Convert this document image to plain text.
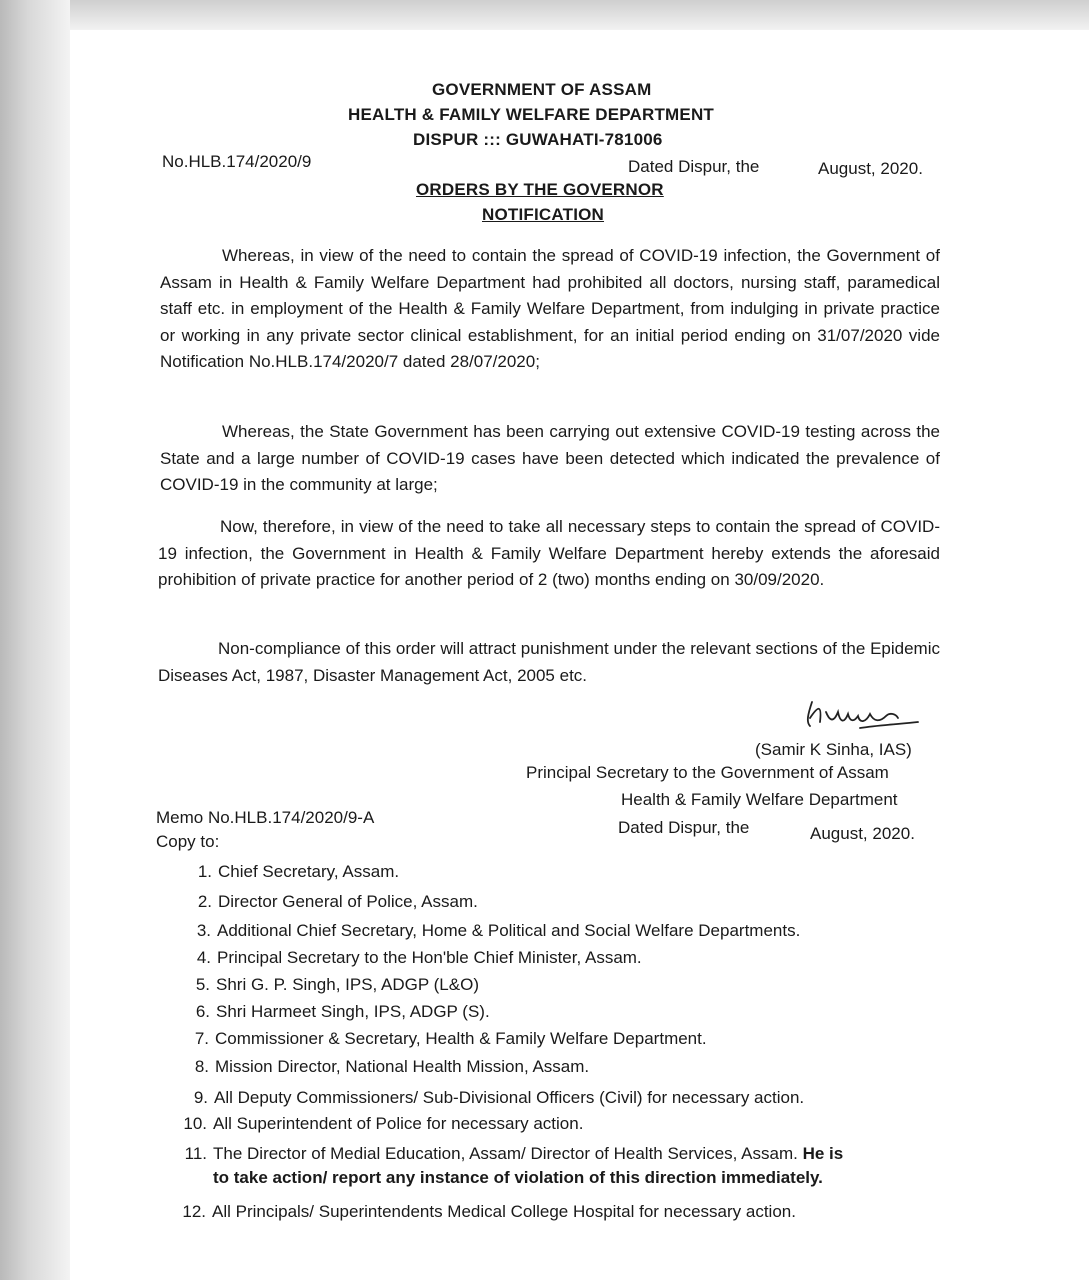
GOVERNMENT OF ASSAM
HEALTH & FAMILY WELFARE DEPARTMENT
DISPUR ::: GUWAHATI-781006
No.HLB.174/2020/9	Dated Dispur, the	August, 2020.
ORDERS BY THE GOVERNOR
NOTIFICATION
Whereas, in view of the need to contain the spread of COVID-19 infection, the Government of Assam in Health & Family Welfare Department had prohibited all doctors, nursing staff, paramedical staff etc. in employment of the Health & Family Welfare Department, from indulging in private practice or working in any private sector clinical establishment, for an initial period ending on 31/07/2020 vide Notification No.HLB.174/2020/7 dated 28/07/2020;
Whereas, the State Government has been carrying out extensive COVID-19 testing across the State and a large number of COVID-19 cases have been detected which indicated the prevalence of COVID-19 in the community at large;
Now, therefore, in view of the need to take all necessary steps to contain the spread of COVID-19 infection, the Government in Health & Family Welfare Department hereby extends the aforesaid prohibition of private practice for another period of 2 (two) months ending on 30/09/2020.
Non-compliance of this order will attract punishment under the relevant sections of the Epidemic Diseases Act, 1987, Disaster Management Act, 2005 etc.
(Samir K Sinha, IAS)
Principal Secretary to the Government of Assam
Health & Family Welfare Department
Memo No.HLB.174/2020/9-A
Dated Dispur, the	August, 2020.
Copy to:
1. Chief Secretary, Assam.
2. Director General of Police, Assam.
3. Additional Chief Secretary, Home & Political and Social Welfare Departments.
4. Principal Secretary to the Hon'ble Chief Minister, Assam.
5. Shri G. P. Singh, IPS, ADGP (L&O)
6. Shri Harmeet Singh, IPS, ADGP (S).
7. Commissioner & Secretary, Health & Family Welfare Department.
8. Mission Director, National Health Mission, Assam.
9. All Deputy Commissioners/ Sub-Divisional Officers (Civil) for necessary action.
10. All Superintendent of Police for necessary action.
11. The Director of Medial Education, Assam/ Director of Health Services, Assam. He is
to take action/ report any instance of violation of this direction immediately.
12. All Principals/ Superintendents Medical College Hospital for necessary action.
